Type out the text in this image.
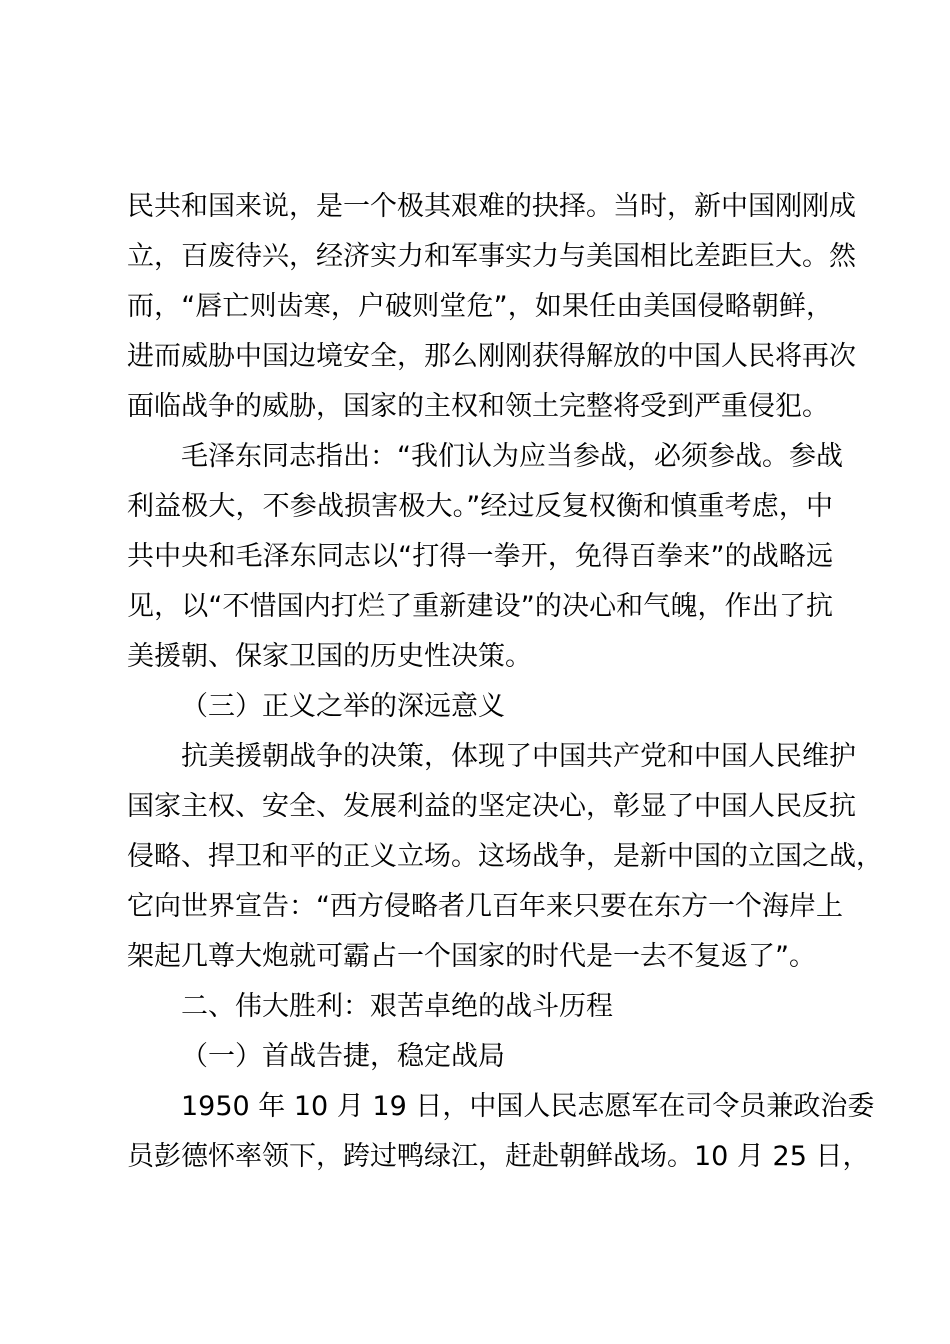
民共和国来说，是一个极其艰难的抉择。当时，新中国刚刚成
立，百废待兴，经济实力和军事实力与美国相比差距巨大。然
而，“唇亡则齿寒，户破则堂危”，如果任由美国侵略朝鲜，
进而威胁中国边境安全，那么刚刚获得解放的中国人民将再次
面临战争的威胁，国家的主权和领土完整将受到严重侵犯。

毛泽东同志指出：“我们认为应当参战，必须参战。参战
利益极大，不参战损害极大。”经过反复权衡和慎重考虑，中
共中央和毛泽东同志以“打得一拳开，免得百拳来”的战略远
见，以“不惜国内打烂了重新建设”的决心和气魄，作出了抗
美援朝、保家卫国的历史性决策。

（三）正义之举的深远意义

抗美援朝战争的决策，体现了中国共产党和中国人民维护
国家主权、安全、发展利益的坚定决心，彰显了中国人民反抗
侵略、捍卫和平的正义立场。这场战争，是新中国的立国之战，
它向世界宣告：“西方侵略者几百年来只要在东方一个海岸上
架起几尊大炮就可霸占一个国家的时代是一去不复返了”。

二、伟大胜利：艰苦卓绝的战斗历程

（一）首战告捷，稳定战局

1950 年 10 月 19 日，中国人民志愿军在司令员兼政治委
员彭德怀率领下，跨过鸭绿江，赶赴朝鲜战场。10 月 25 日，
